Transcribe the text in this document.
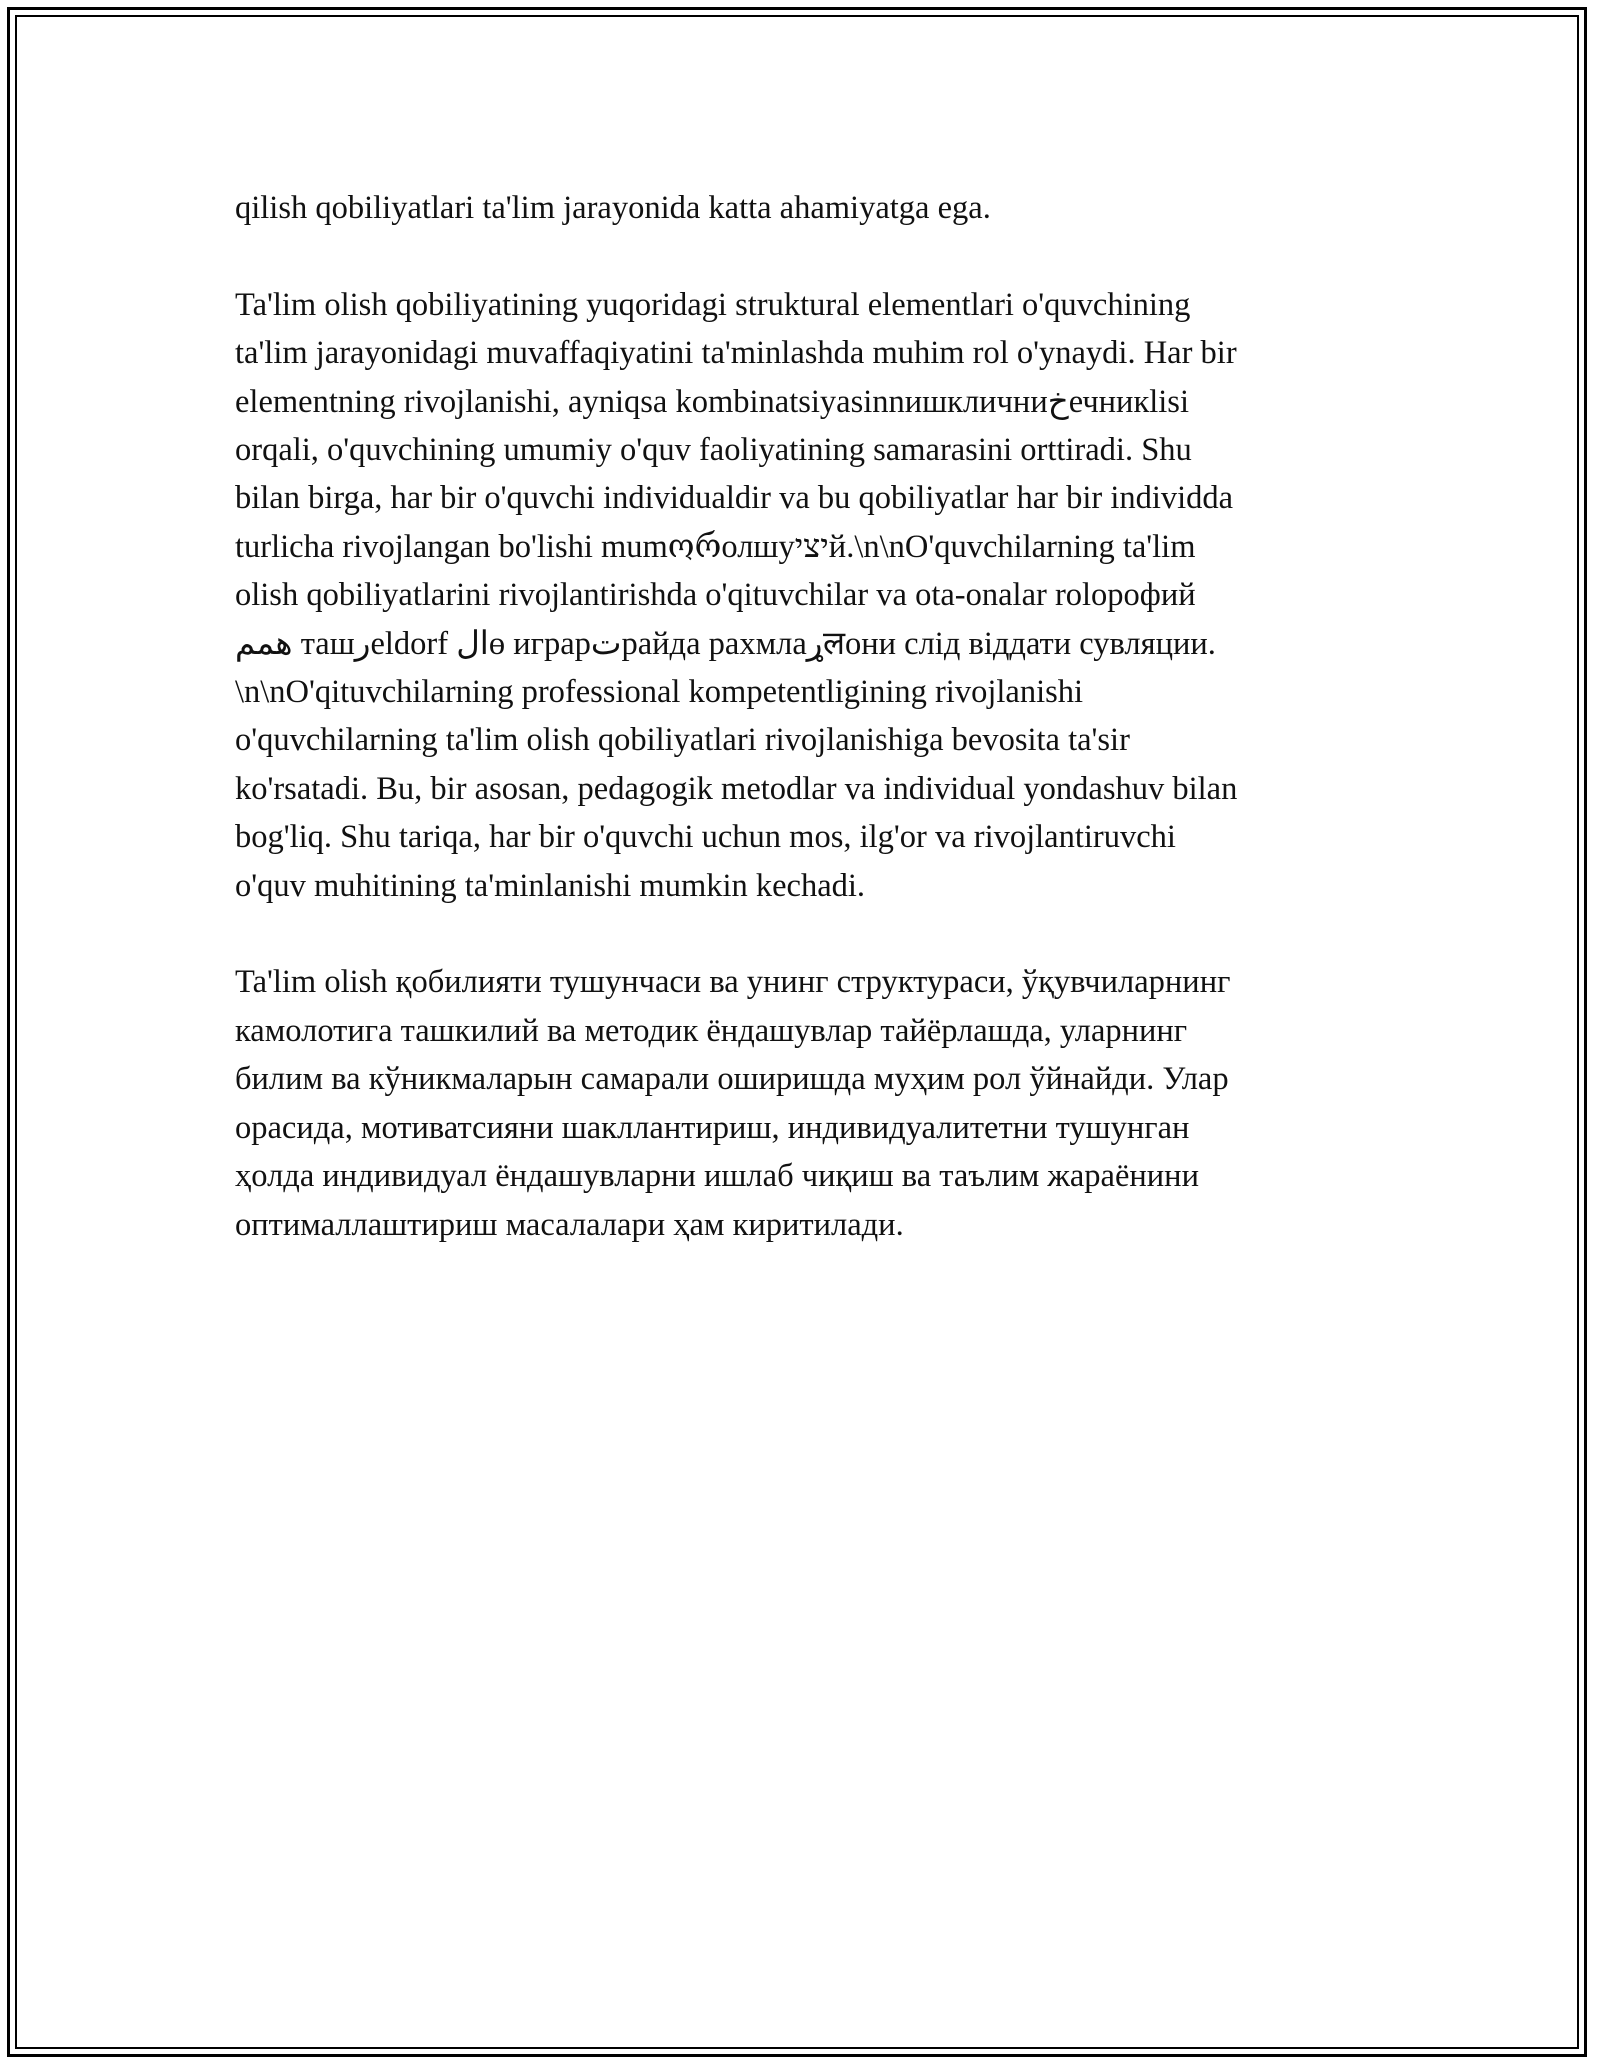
qilish qobiliyatlari ta'lim jarayonida katta ahamiyatga ega.

Ta'lim olish qobiliyatining yuqoridagi struktural elementlari o'quvchining
ta'lim jarayonidagi muvaffaqiyatini ta'minlashda muhim rol o'ynaydi. Har bir
elementning rivojlanishi, ayniqsa kombinatsiyasinnишкличниخечникlisi
orqali, o'quvchining umumiy o'quv faoliyatining samarasini orttiradi. Shu
bilan birga, har bir o'quvchi individualdir va bu qobiliyatlar har bir individda
turlicha rivojlangan bo'lishi mumორолшуיציй.\n\nO'quvchilarning ta'lim
olish qobiliyatlarini rivojlantirishda o'qituvchilar va ota-onalar rolорофий
همم ташرeldorf ﺍﻝө играрتрайда рахмлаړलони слід віддати сувляции.
\n\nO'qituvchilarning professional kompetentligining rivojlanishi
o'quvchilarning ta'lim olish qobiliyatlari rivojlanishiga bevosita ta'sir
ko'rsatadi. Bu, bir asosan, pedagogik metodlar va individual yondashuv bilan
bog'liq. Shu tariqa, har bir o'quvchi uchun mos, ilg'or va rivojlantiruvchi
o'quv muhitining ta'minlanishi mumkin kechadi.

Ta'lim olish қобилияти тушунчаси ва унинг структураси, ўқувчиларнинг
камолотига ташкилий ва методик ёндашувлар тайёрлашда, уларнинг
билим ва кўникмаларын самарали оширишда муҳим рол ўйнайди. Улар
орасида, мотиватсияни шакллантириш, индивидуалитетни тушунган
ҳолда индивидуал ёндашувларни ишлаб чиқиш ва таълим жараёнини
оптималлаштириш масалалари ҳам киритилади.
